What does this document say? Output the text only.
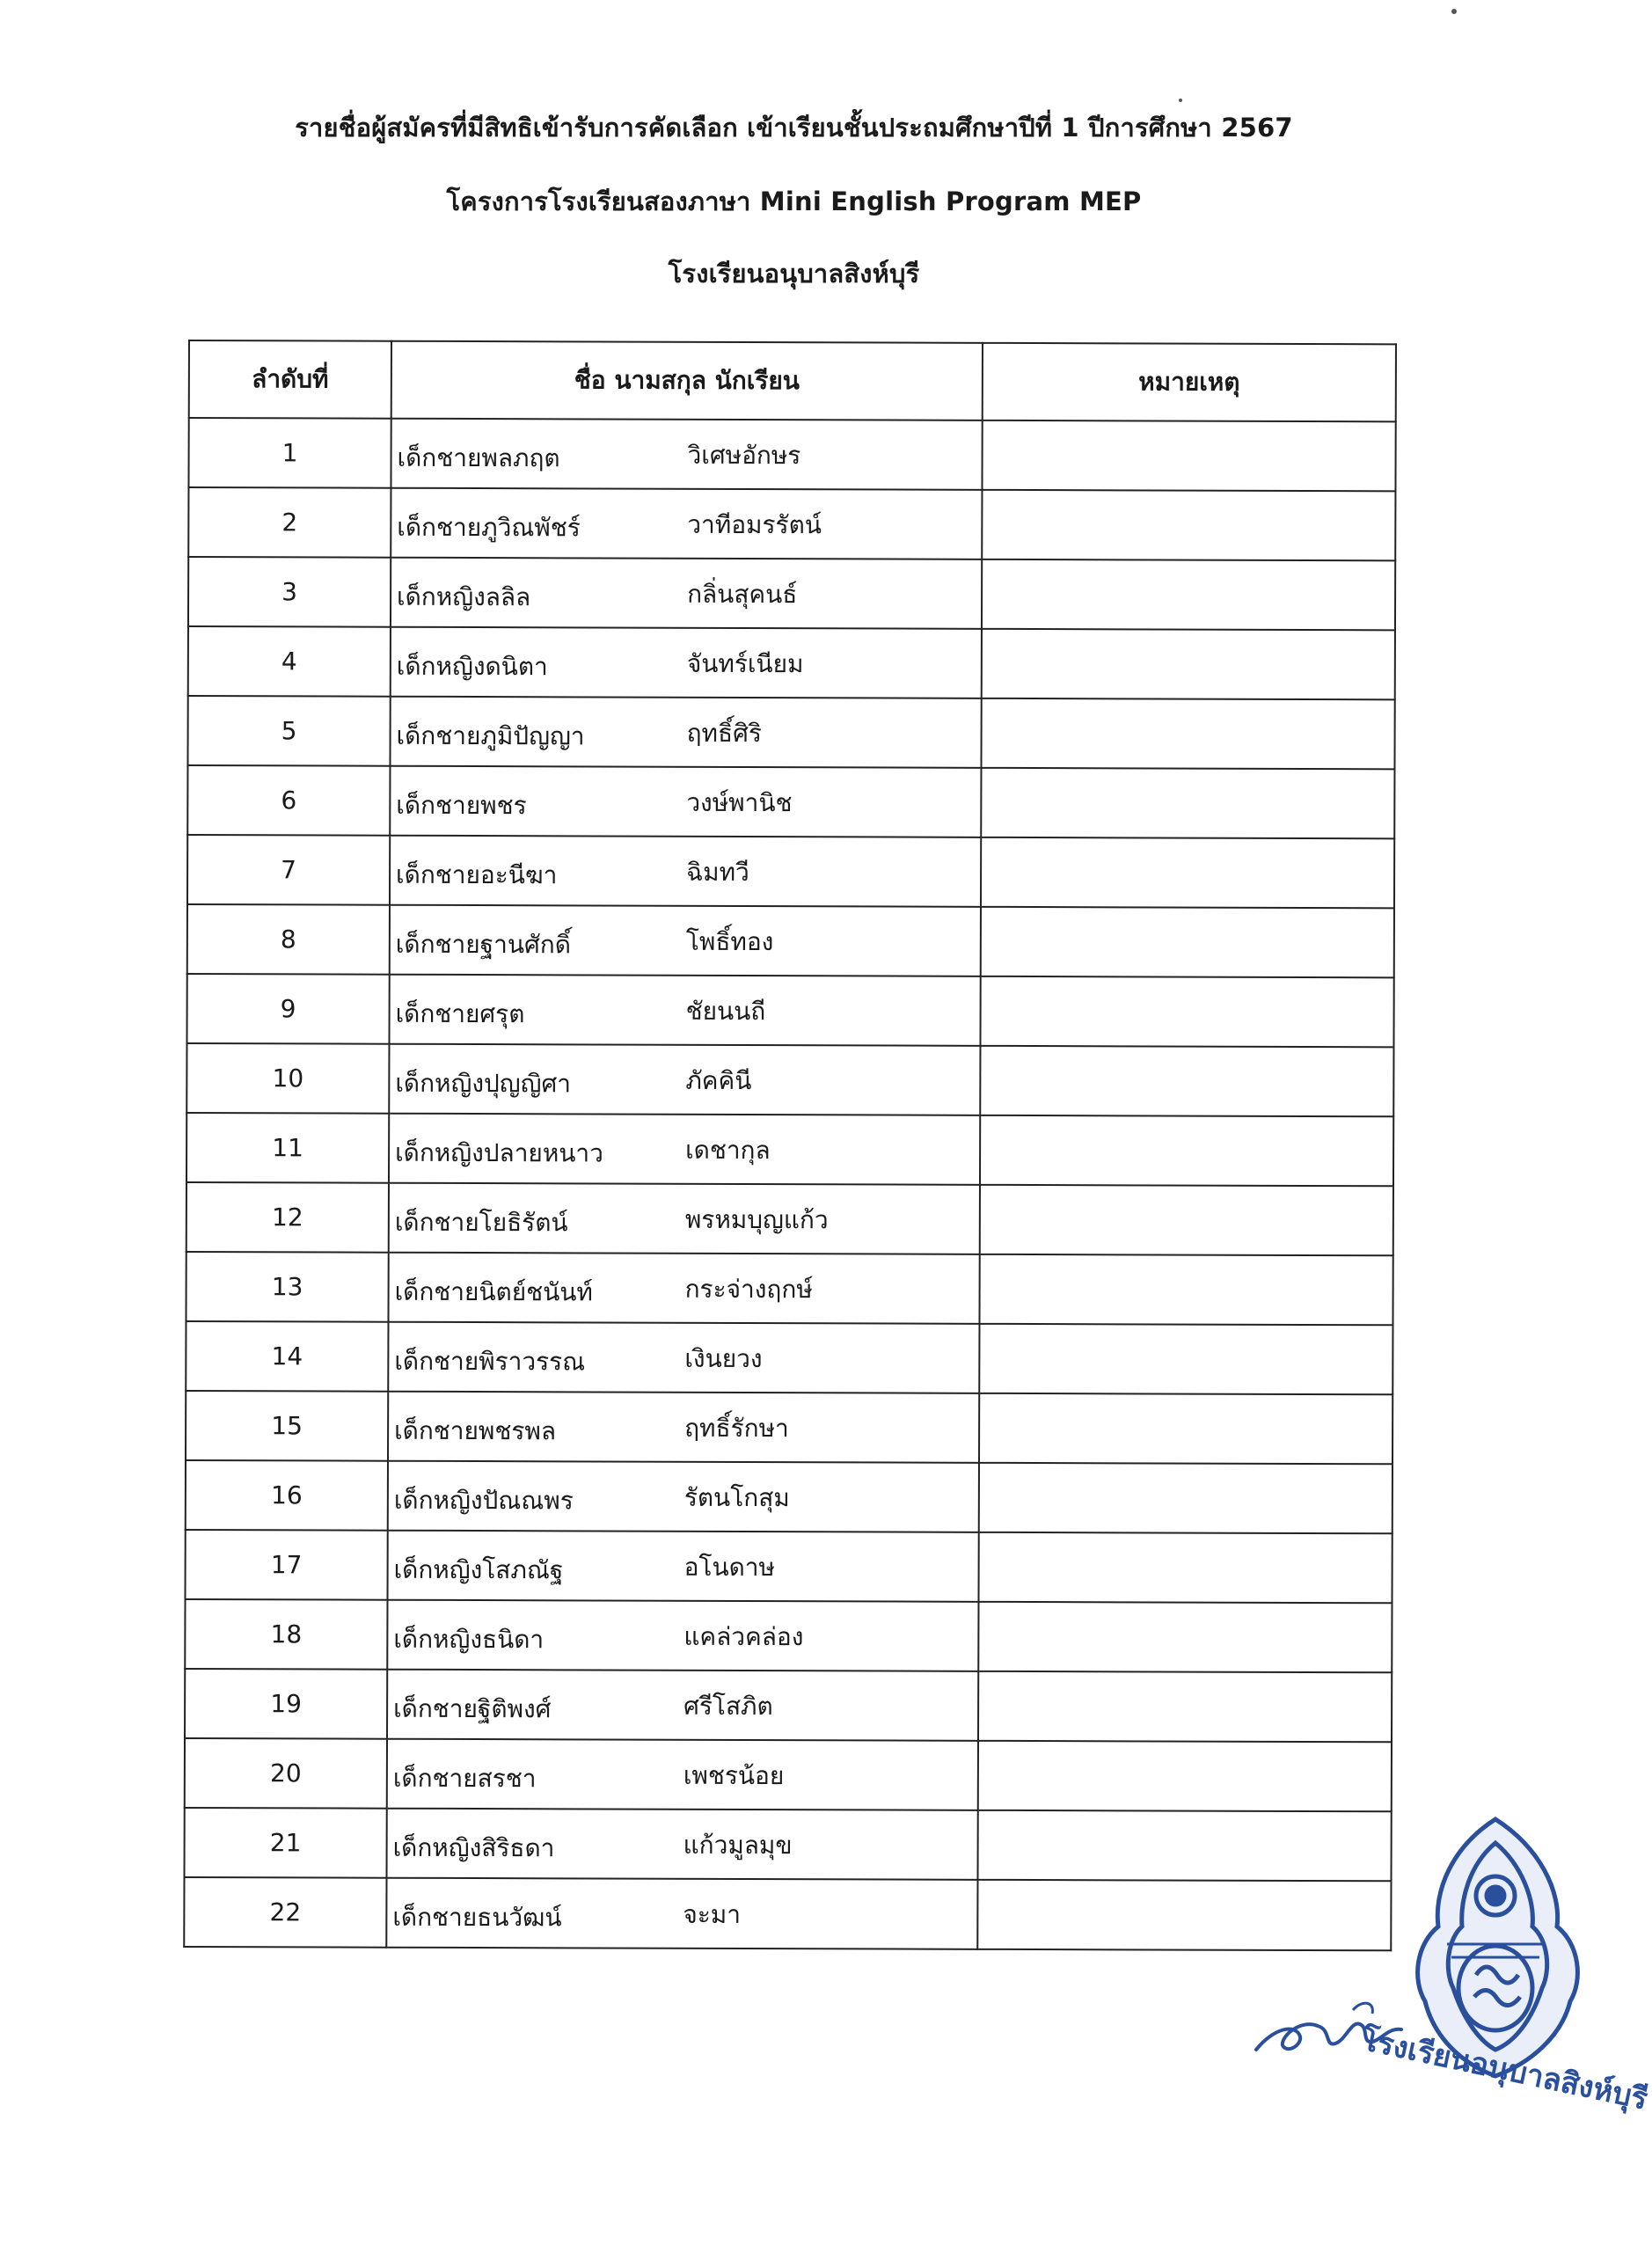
รายชื่อผู้สมัครที่มีสิทธิเข้ารับการคัดเลือก เข้าเรียนชั้นประถมศึกษาปีที่ 1 ปีการศึกษา 2567
โครงการโรงเรียนสองภาษา Mini English Program MEP
โรงเรียนอนุบาลสิงห์บุรี
ลำดับที่	ชื่อ นามสกุล นักเรียน	หมายเหตุ
1	เด็กชายพลภฤต วิเศษอักษร	

2	เด็กชายภูวิณพัชร์ วาทีอมรรัตน์	

3	เด็กหญิงลลิล กลิ่นสุคนธ์	

4	เด็กหญิงดนิตา จันทร์เนียม	

5	เด็กชายภูมิปัญญา ฤทธิ์ศิริ	

6	เด็กชายพชร วงษ์พานิช	

7	เด็กชายอะนีฆา ฉิมทวี	

8	เด็กชายฐานศักดิ์ โพธิ์ทอง	

9	เด็กชายศรุต ชัยนนถี	

10	เด็กหญิงปุญญิศา ภัคคินี	

11	เด็กหญิงปลายหนาว เดชากุล	

12	เด็กชายโยธิรัตน์ พรหมบุญแก้ว	

13	เด็กชายนิตย์ชนันท์ กระจ่างฤกษ์	

14	เด็กชายพิราวรรณ เงินยวง	

15	เด็กชายพชรพล ฤทธิ์รักษา	

16	เด็กหญิงปัณณพร รัตนโกสุม	

17	เด็กหญิงโสภณัฐ อโนดาษ	

18	เด็กหญิงธนิดา แคล่วคล่อง	

19	เด็กชายฐิติพงศ์ ศรีโสภิต	

20	เด็กชายสรชา เพชรน้อย	

21	เด็กหญิงสิริธดา แก้วมูลมุข	

22	เด็กชายธนวัฒน์ จะมา	

โรงเรียนอนุบาลสิงห์บุรี
